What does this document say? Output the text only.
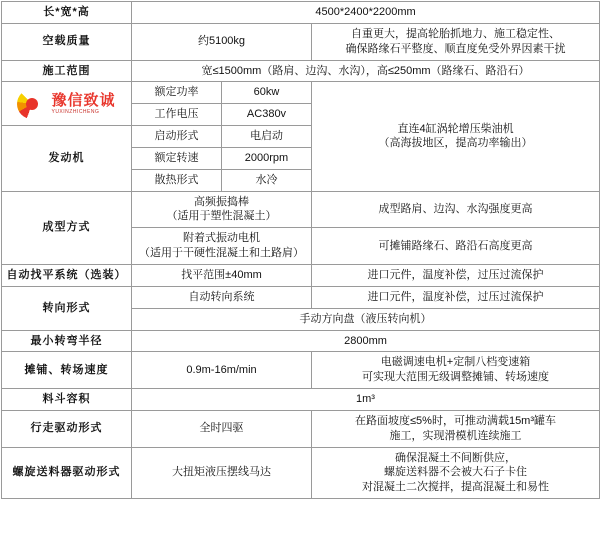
长*宽*高	4500*2400*2200mm		
空载质量	约5100kg		自重更大，提高轮胎抓地力、施工稳定性、
确保路缘石平整度、顺直度免受外界因素干扰

施工范围	宽≤1500mm（路肩、边沟、水沟），高≤250mm（路缘石、路沿石）		

豫信致诚
YUXINZHICHENG
	额定功率	60kw	
直连4缸涡轮增压柴油机
（高海拔地区，提高功率输出）

	工作电压	AC380v	
发动机	启动形式	电启动	
	额定转速	2000rpm	
	散热形式	水冷	
成型方式	高频振捣棒
（适用于塑性混凝土）		成型路肩、边沟、水沟强度更高

	附着式振动电机
（适用于干硬性混凝土和土路肩）		可摊铺路缘石、路沿石高度更高
自动找平系统（选装）	找平范围±40mm		进口元件，温度补偿，过压过流保护
转向形式	自动转向系统		进口元件，温度补偿，过压过流保护
	手动方向盘（液压转向机）		
最小转弯半径	2800mm		
摊铺、转场速度	0.9m-16m/min		电磁调速电机+定制八档变速箱
可实现大范围无级调整摊铺、转场速度

料斗容积	1m³		
行走驱动形式	全时四驱		在路面坡度≤5%时，可推动满载15m³罐车
施工，实现滑模机连续施工

螺旋送料器驱动形式	大扭矩液压摆线马达		确保混凝土不间断供应，
螺旋送料器不会被大石子卡住
对混凝土二次搅拌，提高混凝土和易性
